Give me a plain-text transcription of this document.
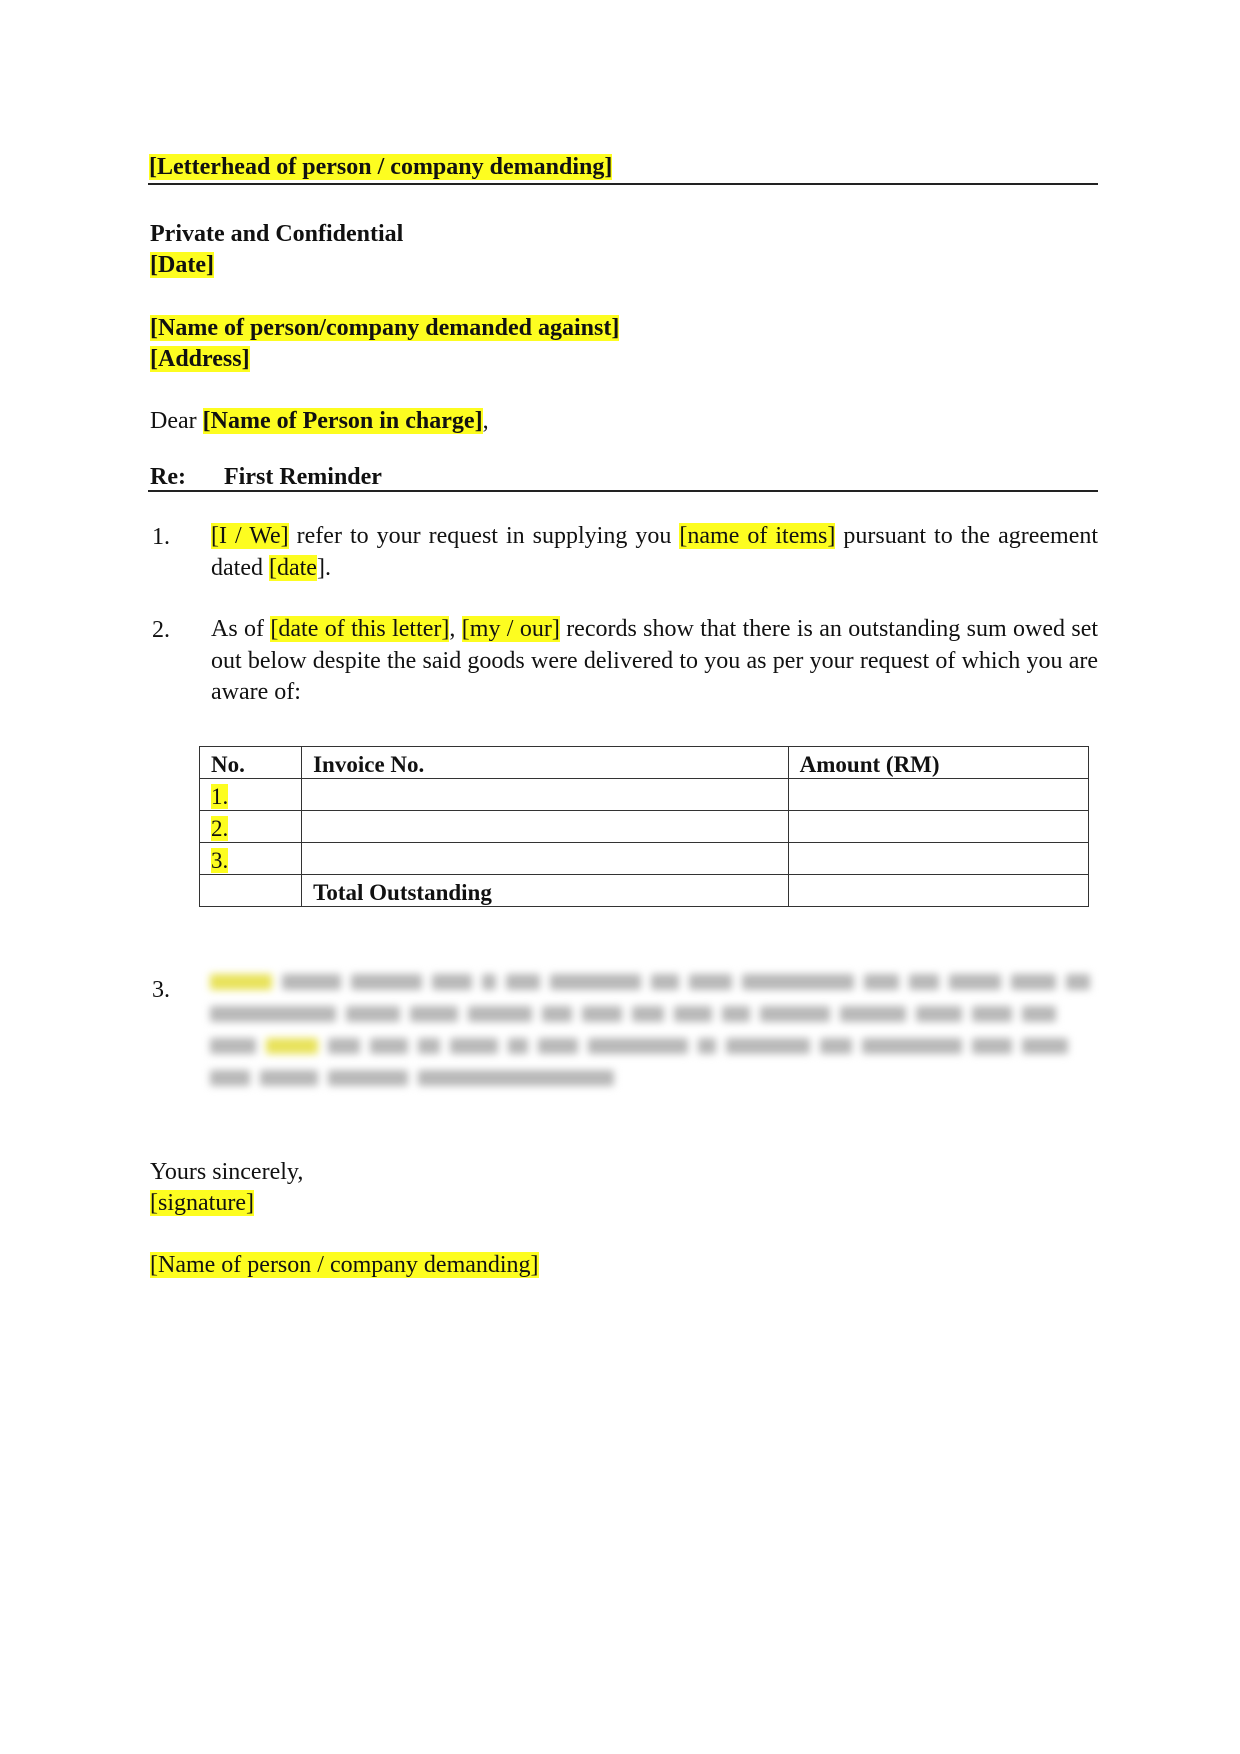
[Letterhead of person / company demanding]
Private and Confidential
[Date]
[Name of person/company demanded against]
[Address]
Dear [Name of Person in charge],
Re: First Reminder
1. [I / We] refer to your request in supplying you [name of items] pursuant to the agreement dated [date].
2. As of [date of this letter], [my / our] records show that there is an outstanding sum owed set out below despite the said goods were delivered to you as per your request of which you are aware of:
No.	Invoice No.	Amount (RM)
1.		
2.		
3.		
	Total Outstanding	
3.
Yours sincerely,
[signature]
[Name of person / company demanding]
